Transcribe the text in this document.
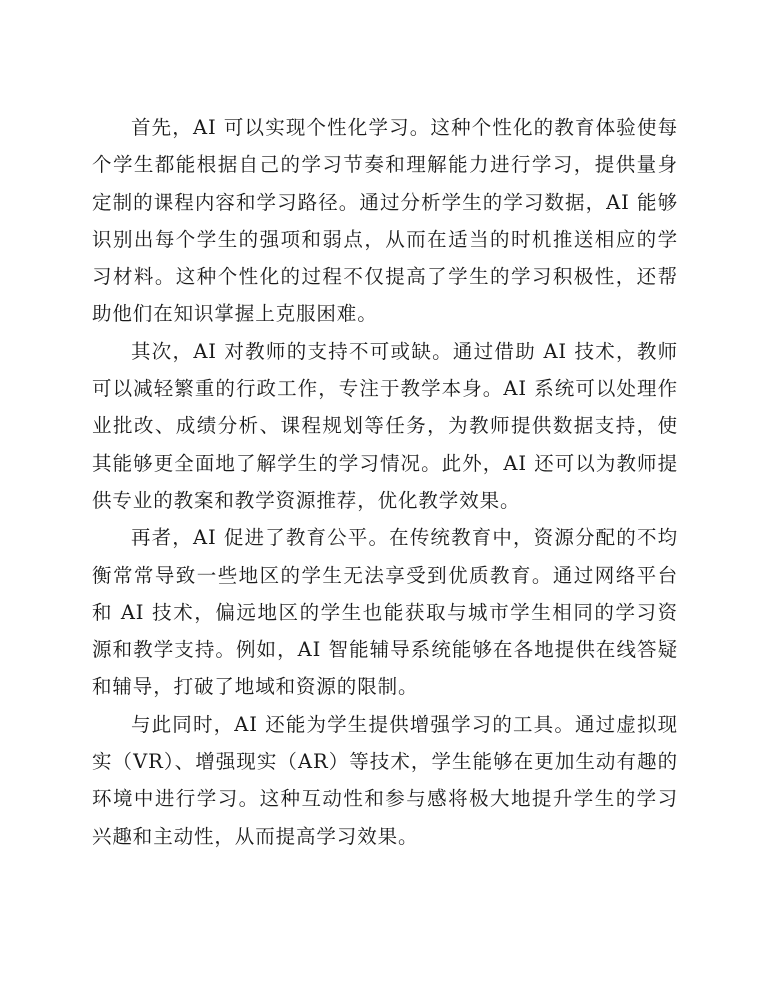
首先，AI 可以实现个性化学习。这种个性化的教育体验使每个学生都能根据自己的学习节奏和理解能力进行学习，提供量身定制的课程内容和学习路径。通过分析学生的学习数据，AI 能够识别出每个学生的强项和弱点，从而在适当的时机推送相应的学习材料。这种个性化的过程不仅提高了学生的学习积极性，还帮助他们在知识掌握上克服困难。

其次，AI 对教师的支持不可或缺。通过借助 AI 技术，教师可以减轻繁重的行政工作，专注于教学本身。AI 系统可以处理作业批改、成绩分析、课程规划等任务，为教师提供数据支持，使其能够更全面地了解学生的学习情况。此外，AI 还可以为教师提供专业的教案和教学资源推荐，优化教学效果。

再者，AI 促进了教育公平。在传统教育中，资源分配的不均衡常常导致一些地区的学生无法享受到优质教育。通过网络平台和 AI 技术，偏远地区的学生也能获取与城市学生相同的学习资源和教学支持。例如，AI 智能辅导系统能够在各地提供在线答疑和辅导，打破了地域和资源的限制。

与此同时，AI 还能为学生提供增强学习的工具。通过虚拟现实（VR）、增强现实（AR）等技术，学生能够在更加生动有趣的环境中进行学习。这种互动性和参与感将极大地提升学生的学习兴趣和主动性，从而提高学习效果。
